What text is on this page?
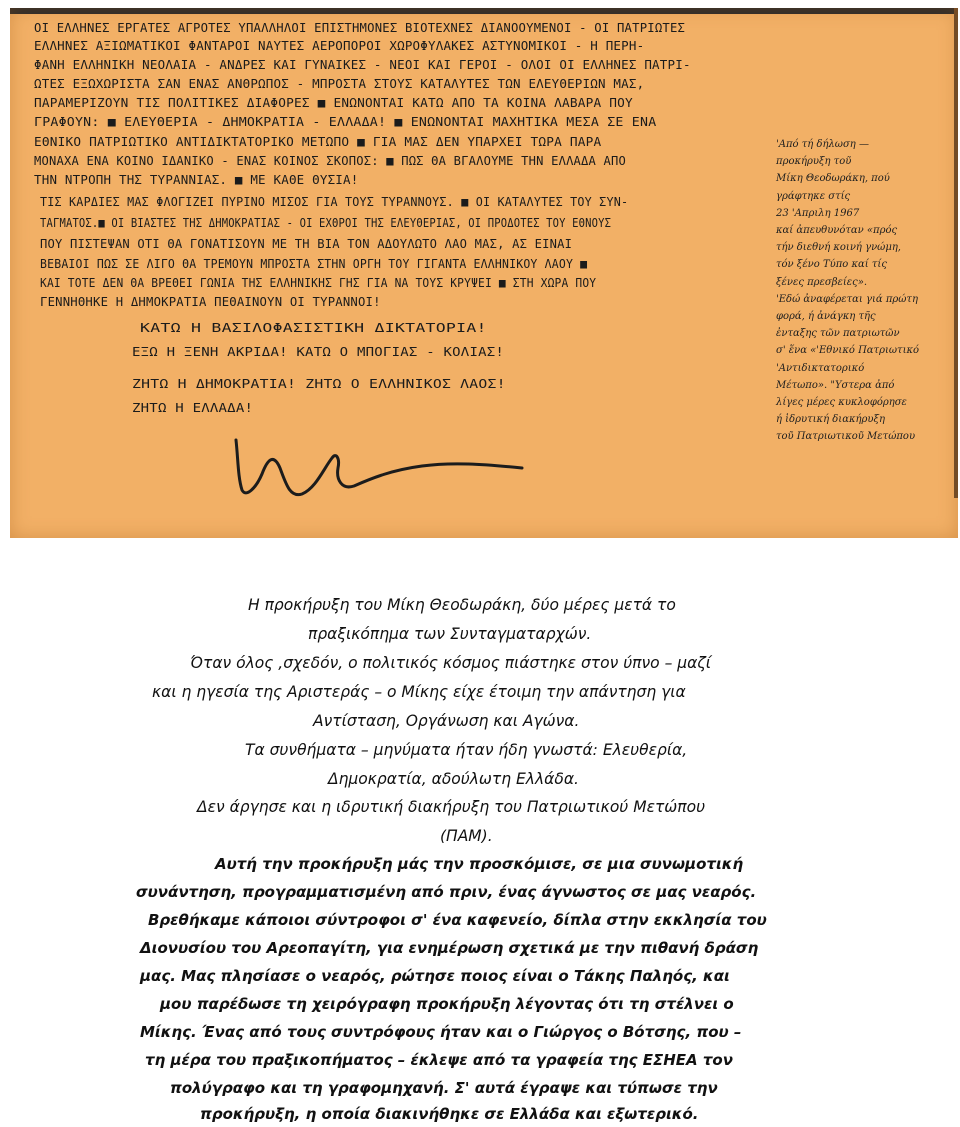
ΟΙ ΕΛΛΗΝΕΣ ΕΡΓΑΤΕΣ ΑΓΡΟΤΕΣ ΥΠΑΛΛΗΛΟΙ ΕΠΙΣΤΗΜΟΝΕΣ ΒΙΟΤΕΧΝΕΣ ΔΙΑΝΟΟΥΜΕΝΟΙ - ΟΙ ΠΑΤΡΙΩΤΕΣ
ΕΛΛΗΝΕΣ ΑΞΙΩΜΑΤΙΚΟΙ ΦΑΝΤΑΡΟΙ ΝΑΥΤΕΣ ΑΕΡΟΠΟΡΟΙ ΧΩΡΟΦΥΛΑΚΕΣ ΑΣΤΥΝΟΜΙΚΟΙ - Η ΠΕΡΗ-
ΦΑΝΗ ΕΛΛΗΝΙΚΗ ΝΕΟΛΑΙΑ - ΑΝΔΡΕΣ ΚΑΙ ΓΥΝΑΙΚΕΣ - ΝΕΟΙ ΚΑΙ ΓΕΡΟΙ - ΟΛΟΙ ΟΙ ΕΛΛΗΝΕΣ ΠΑΤΡΙ-
ΩΤΕΣ ΕΞΩΧΩΡΙΣΤΑ ΣΑΝ ΕΝΑΣ ΑΝΘΡΩΠΟΣ - ΜΠΡΟΣΤΑ ΣΤΟΥΣ ΚΑΤΑΛΥΤΕΣ ΤΩΝ ΕΛΕΥΘΕΡΙΩΝ ΜΑΣ,
ΠΑΡΑΜΕΡΙΖΟΥΝ ΤΙΣ ΠΟΛΙΤΙΚΕΣ ΔΙΑΦΟΡΕΣ ■ ΕΝΩΝΟΝΤΑΙ ΚΑΤΩ ΑΠΟ ΤΑ ΚΟΙΝΑ ΛΑΒΑΡΑ ΠΟΥ
ΓΡΑΦΟΥΝ: ■ ΕΛΕΥΘΕΡΙΑ - ΔΗΜΟΚΡΑΤΙΑ - ΕΛΛΑΔΑ! ■ ΕΝΩΝΟΝΤΑΙ ΜΑΧΗΤΙΚΑ ΜΕΣΑ ΣΕ ΕΝΑ
ΕΘΝΙΚΟ ΠΑΤΡΙΩΤΙΚΟ ΑΝΤΙΔΙΚΤΑΤΟΡΙΚΟ ΜΕΤΩΠΟ ■ ΓΙΑ ΜΑΣ ΔΕΝ ΥΠΑΡΧΕΙ ΤΩΡΑ ΠΑΡΑ
ΜΟΝΑΧΑ ΕΝΑ ΚΟΙΝΟ ΙΔΑΝΙΚΟ - ΕΝΑΣ ΚΟΙΝΟΣ ΣΚΟΠΟΣ: ■ ΠΩΣ ΘΑ ΒΓΑΛΟΥΜΕ ΤΗΝ ΕΛΛΑΔΑ ΑΠΟ
ΤΗΝ ΝΤΡΟΠΗ ΤΗΣ ΤΥΡΑΝΝΙΑΣ. ■ ΜΕ ΚΑΘΕ ΘΥΣΙΑ!
ΤΙΣ ΚΑΡΔΙΕΣ ΜΑΣ ΦΛΟΓΙΖΕΙ ΠΥΡΙΝΟ ΜΙΣΟΣ ΓΙΑ ΤΟΥΣ ΤΥΡΑΝΝΟΥΣ. ■ ΟΙ ΚΑΤΑΛΥΤΕΣ ΤΟΥ ΣΥΝ-
ΤΑΓΜΑΤΟΣ.■ ΟΙ ΒΙΑΣΤΕΣ ΤΗΣ ΔΗΜΟΚΡΑΤΙΑΣ - ΟΙ ΕΧΘΡΟΙ ΤΗΣ ΕΛΕΥΘΕΡΙΑΣ, ΟΙ ΠΡΟΔΟΤΕΣ ΤΟΥ ΕΘΝΟΥΣ
ΠΟΥ ΠΙΣΤΕΨΑΝ ΟΤΙ ΘΑ ΓΟΝΑΤΙΣΟΥΝ ΜΕ ΤΗ ΒΙΑ ΤΟΝ ΑΔΟΥΛΩΤΟ ΛΑΟ ΜΑΣ, ΑΣ ΕΙΝΑΙ
ΒΕΒΑΙΟΙ ΠΩΣ ΣΕ ΛΙΓΟ ΘΑ ΤΡΕΜΟΥΝ ΜΠΡΟΣΤΑ ΣΤΗΝ ΟΡΓΗ ΤΟΥ ΓΙΓΑΝΤΑ ΕΛΛΗΝΙΚΟΥ ΛΑΟΥ ■
ΚΑΙ ΤΟΤΕ ΔΕΝ ΘΑ ΒΡΕΘΕΙ ΓΩΝΙΑ ΤΗΣ ΕΛΛΗΝΙΚΗΣ ΓΗΣ ΓΙΑ ΝΑ ΤΟΥΣ ΚΡΥΨΕΙ ■ ΣΤΗ ΧΩΡΑ ΠΟΥ
ΓΕΝΝΗΘΗΚΕ Η ΔΗΜΟΚΡΑΤΙΑ ΠΕΘΑΙΝΟΥΝ ΟΙ ΤΥΡΑΝΝΟΙ!
ΚΑΤΩ Η ΒΑΣΙΛΟΦΑΣΙΣΤΙΚΗ ΔΙΚΤΑΤΟΡΙΑ!
ΕΞΩ Η ΞΕΝΗ ΑΚΡΙΔΑ! ΚΑΤΩ Ο ΜΠΟΓΙΑΣ - ΚΟΛΙΑΣ!
ΖΗΤΩ Η ΔΗΜΟΚΡΑΤΙΑ! ΖΗΤΩ Ο ΕΛΛΗΝΙΚΟΣ ΛΑΟΣ!
ΖΗΤΩ Η ΕΛΛΑΔΑ!
'Από τή δήλωση —
προκήρυξη τοῦ
Μίκη Θεοδωράκη, πού
γράφτηκε στίς
23 'Απριλη 1967
καί ἀπευθυνόταν «πρός
τήν διεθνή κοινή γνώμη,
τόν ξένο Τύπο καί τίς
ξένες πρεσβείες».
'Εδώ ἀναφέρεται γιά πρώτη
φορά, ή ἀνάγκη τῆς
ἐνταξης τῶν πατριωτῶν
σ' ἕνα «'Εθνικό Πατριωτικό
'Αντιδικτατορικό
Μέτωπο». "Υστερα ἀπό
λίγες μέρες κυκλοφόρησε
ή ἱδρυτική διακήρυξη
τοῦ Πατριωτικοῦ Μετώπου
Η προκήρυξη του Μίκη Θεοδωράκη, δύο μέρες μετά το
πραξικόπημα των Συνταγματαρχών.
Όταν όλος ,σχεδόν, ο πολιτικός κόσμος πιάστηκε στον ύπνο – μαζί
και η ηγεσία της Αριστεράς – ο Μίκης είχε έτοιμη την απάντηση για
Αντίσταση, Οργάνωση και Αγώνα.
Τα συνθήματα – μηνύματα ήταν ήδη γνωστά: Ελευθερία,
Δημοκρατία, αδούλωτη Ελλάδα.
Δεν άργησε και η ιδρυτική διακήρυξη του Πατριωτικού Μετώπου
(ΠΑΜ).
Αυτή την προκήρυξη μάς την προσκόμισε, σε μια συνωμοτική
συνάντηση, προγραμματισμένη από πριν, ένας άγνωστος σε μας νεαρός.
Βρεθήκαμε κάποιοι σύντροφοι σ' ένα καφενείο, δίπλα στην εκκλησία του
Διονυσίου του Αρεοπαγίτη, για ενημέρωση σχετικά με την πιθανή δράση
μας. Μας πλησίασε ο νεαρός, ρώτησε ποιος είναι ο Τάκης Παληός, και
μου παρέδωσε τη χειρόγραφη προκήρυξη λέγοντας ότι τη στέλνει ο
Μίκης. Ένας από τους συντρόφους ήταν και ο Γιώργος ο Βότσης, που –
τη μέρα του πραξικοπήματος – έκλεψε από τα γραφεία της ΕΣΗΕΑ τον
πολύγραφο και τη γραφομηχανή. Σ' αυτά έγραψε και τύπωσε την
προκήρυξη, η οποία διακινήθηκε σε Ελλάδα και εξωτερικό.
